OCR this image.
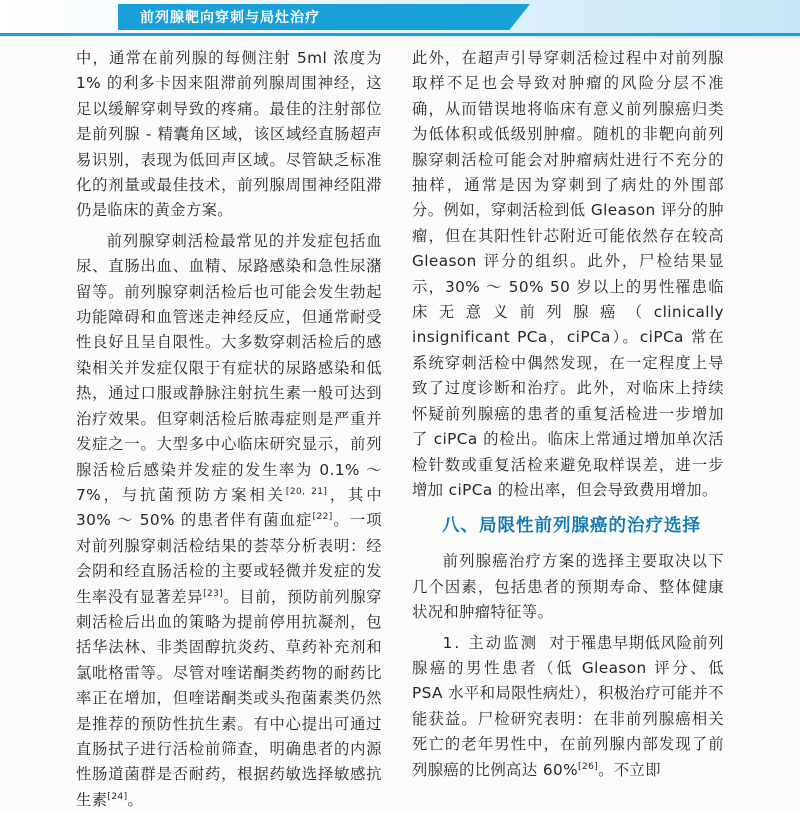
前列腺靶向穿刺与局灶治疗

中，通常在前列腺的每侧注射 5ml 浓度为 1% 的利多卡因来阻滞前列腺周围神经，这足以缓解穿刺导致的疼痛。最佳的注射部位是前列腺 - 精囊角区域，该区域经直肠超声易识别，表现为低回声区域。尽管缺乏标准化的剂量或最佳技术，前列腺周围神经阻滞仍是临床的黄金方案。

前列腺穿刺活检最常见的并发症包括血尿、直肠出血、血精、尿路感染和急性尿潴留等。前列腺穿刺活检后也可能会发生勃起功能障碍和血管迷走神经反应，但通常耐受性良好且呈自限性。大多数穿刺活检后的感染相关并发症仅限于有症状的尿路感染和低热，通过口服或静脉注射抗生素一般可达到治疗效果。但穿刺活检后脓毒症则是严重并发症之一。大型多中心临床研究显示，前列腺活检后感染并发症的发生率为 0.1% ～ 7%，与抗菌预防方案相关[20, 21]，其中 30% ～ 50% 的患者伴有菌血症[22]。一项对前列腺穿刺活检结果的荟萃分析表明：经会阴和经直肠活检的主要或轻微并发症的发生率没有显著差异[23]。目前，预防前列腺穿刺活检后出血的策略为提前停用抗凝剂，包括华法林、非类固醇抗炎药、草药补充剂和氯吡格雷等。尽管对喹诺酮类药物的耐药比率正在增加，但喹诺酮类或头孢菌素类仍然是推荐的预防性抗生素。有中心提出可通过直肠拭子进行活检前筛查，明确患者的内源性肠道菌群是否耐药，根据药敏选择敏感抗生素[24]。

此外，在超声引导穿刺活检过程中对前列腺取样不足也会导致对肿瘤的风险分层不准确，从而错误地将临床有意义前列腺癌归类为低体积或低级别肿瘤。随机的非靶向前列腺穿刺活检可能会对肿瘤病灶进行不充分的抽样，通常是因为穿刺到了病灶的外围部分。例如，穿刺活检到低 Gleason 评分的肿瘤，但在其阳性针芯附近可能依然存在较高 Gleason 评分的组织。此外，尸检结果显示，30% ～ 50% 50 岁以上的男性罹患临床无意义前列腺癌（clinically insignificant PCa，ciPCa）。ciPCa 常在系统穿刺活检中偶然发现，在一定程度上导致了过度诊断和治疗。此外，对临床上持续怀疑前列腺癌的患者的重复活检进一步增加了 ciPCa 的检出。临床上常通过增加单次活检针数或重复活检来避免取样误差，进一步增加 ciPCa 的检出率，但会导致费用增加。

八、局限性前列腺癌的治疗选择

前列腺癌治疗方案的选择主要取决以下几个因素，包括患者的预期寿命、整体健康状况和肿瘤特征等。

1. 主动监测 对于罹患早期低风险前列腺癌的男性患者（低 Gleason 评分、低 PSA 水平和局限性病灶），积极治疗可能并不能获益。尸检研究表明：在非前列腺癌相关死亡的老年男性中，在前列腺内部发现了前列腺癌的比例高达 60%[26]。不立即
